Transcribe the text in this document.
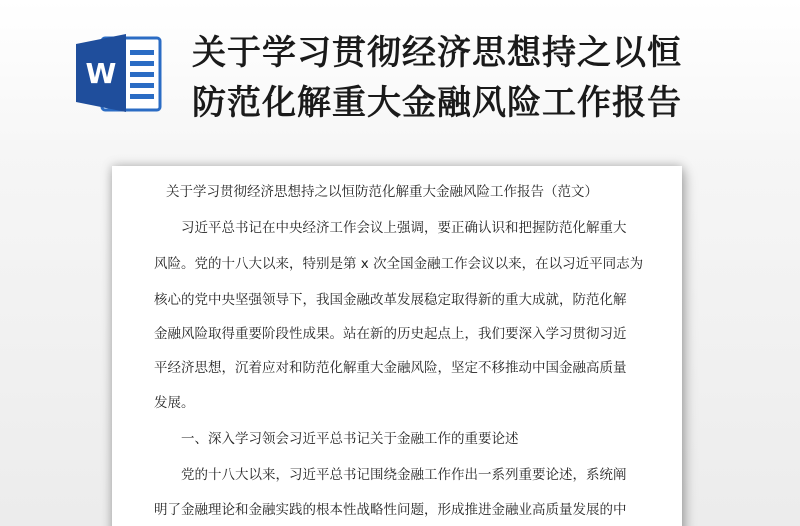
W
关于学习贯彻经济思想持之以恒
防范化解重大金融风险工作报告
关于学习贯彻经济思想持之以恒防范化解重大金融风险工作报告（范文）
习近平总书记在中央经济工作会议上强调，要正确认识和把握防范化解重大
风险。党的十八大以来，特别是第 x 次全国金融工作会议以来，在以习近平同志为
核心的党中央坚强领导下，我国金融改革发展稳定取得新的重大成就，防范化解
金融风险取得重要阶段性成果。站在新的历史起点上，我们要深入学习贯彻习近
平经济思想，沉着应对和防范化解重大金融风险，坚定不移推动中国金融高质量
发展。
一、深入学习领会习近平总书记关于金融工作的重要论述
党的十八大以来，习近平总书记围绕金融工作作出一系列重要论述，系统阐
明了金融理论和金融实践的根本性战略性问题，形成推进金融业高质量发展的中
